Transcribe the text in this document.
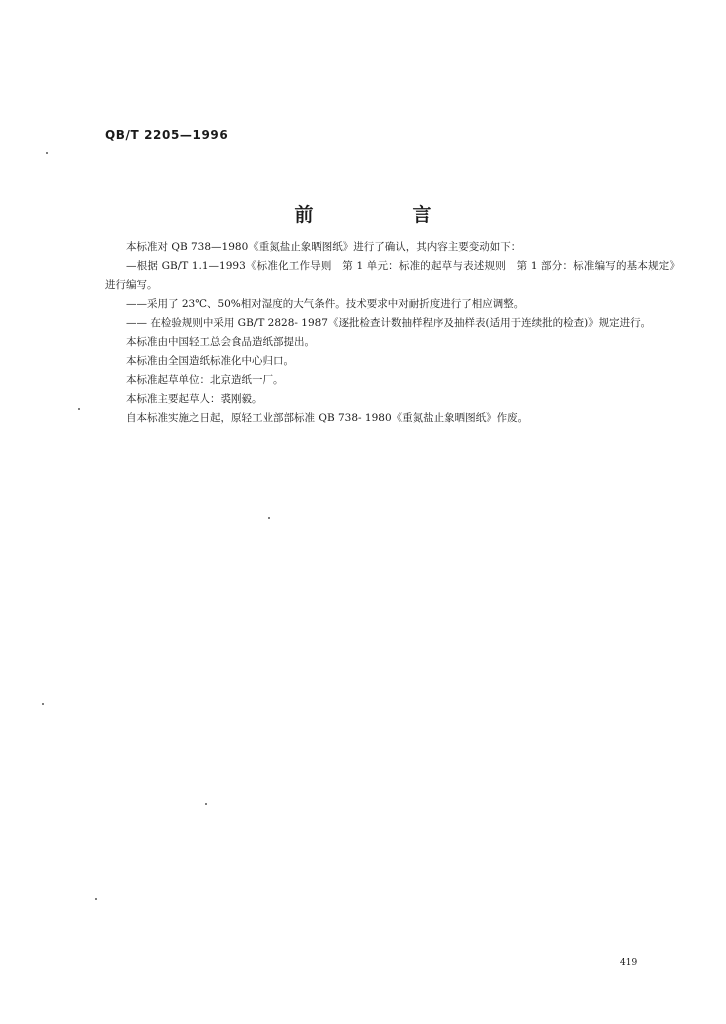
QB/T 2205—1996
前　言

本标准对 QB 738—1980《重氮盐止象晒图纸》进行了确认，其内容主要变动如下：

—根据 GB/T 1.1—1993《标准化工作导则　第 1 单元：标准的起草与表述规则　第 1 部分：标准编写的基本规定》进行编写。

——采用了 23℃、50%相对湿度的大气条件。技术要求中对耐折度进行了相应调整。

—— 在检验规则中采用 GB/T 2828- 1987《逐批检查计数抽样程序及抽样表(适用于连续批的检查)》规定进行。

本标准由中国轻工总会食品造纸部提出。

本标准由全国造纸标准化中心归口。

本标准起草单位：北京造纸一厂。

本标准主要起草人：裘刚毅。

自本标准实施之日起，原轻工业部部标准 QB 738- 1980《重氮盐止象晒图纸》作废。

419
